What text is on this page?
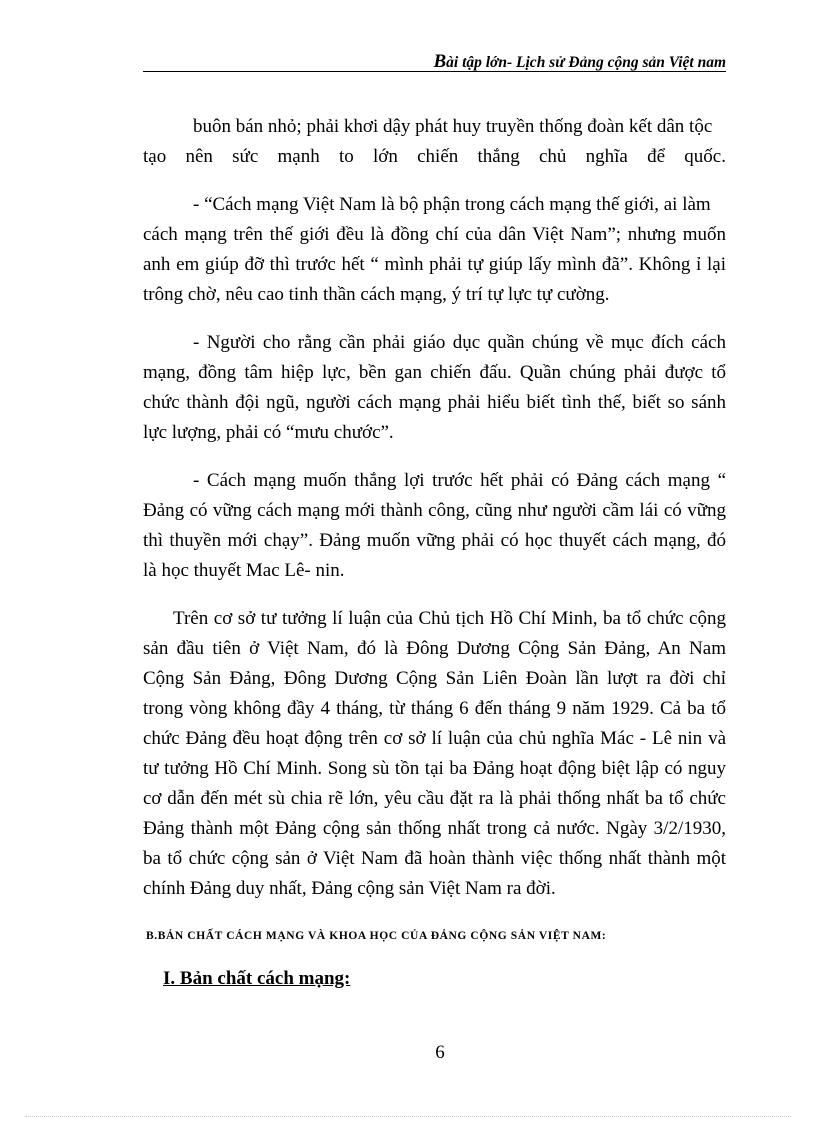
Bài tập lớn- Lịch sử Đảng cộng sản Việt nam
buôn bán nhỏ; phải khơi dậy phát huy truyền thống đoàn kết dân tộc
tạo nên sức mạnh to lớn chiến thắng chủ nghĩa để quốc.
- “Cách mạng Việt Nam là bộ phận trong cách mạng thế giới, ai làm
cách mạng trên thế giới đều là đồng chí của dân Việt Nam”; nhưng muốn
anh em giúp đỡ thì trước hết “ mình phải tự giúp lấy mình đã”. Không ỉ lại
trông chờ, nêu cao tinh thần cách mạng, ý trí tự lực tự cường.
- Người cho rằng cần phải giáo dục quần chúng về mục đích cách
mạng, đồng tâm hiệp lực, bền gan chiến đấu. Quần chúng phải được tổ
chức thành đội ngũ, người cách mạng phải hiểu biết tình thế, biết so sánh
lực lượng, phải có “mưu chước”.
- Cách mạng muốn thắng lợi trước hết phải có Đảng cách mạng “
Đảng có vững cách mạng mới thành công, cũng như người cầm lái có vững
thì thuyền mới chạy”. Đảng muốn vững phải có học thuyết cách mạng, đó
là học thuyết Mac Lê- nin.
Trên cơ sở tư tưởng lí luận của Chủ tịch Hồ Chí Minh, ba tổ chức cộng
sản đầu tiên ở Việt Nam, đó là Đông Dương Cộng Sản Đảng, An Nam
Cộng Sản Đảng, Đông Dương Cộng Sản Liên Đoàn lần lượt ra đời chỉ
trong vòng không đầy 4 tháng, từ tháng 6 đến tháng 9 năm 1929. Cả ba tổ
chức Đảng đều hoạt động trên cơ sở lí luận của chủ nghĩa Mác - Lê nin và
tư tưởng Hồ Chí Minh. Song sù tồn tại ba Đảng hoạt động biệt lập có nguy
cơ dẫn đến mét sù chia rẽ lớn, yêu cầu đặt ra là phải thống nhất ba tổ chức
Đảng thành một Đảng cộng sản thống nhất trong cả nước. Ngày 3/2/1930,
ba tổ chức cộng sản ở Việt Nam đã hoàn thành việc thống nhất thành một
chính Đảng duy nhất, Đảng cộng sản Việt Nam ra đời.
B.BẢN CHẤT CÁCH MẠNG VÀ KHOA HỌC CỦA ĐẢNG CỘNG SẢN VIỆT NAM:
I. Bản chất cách mạng:
6
